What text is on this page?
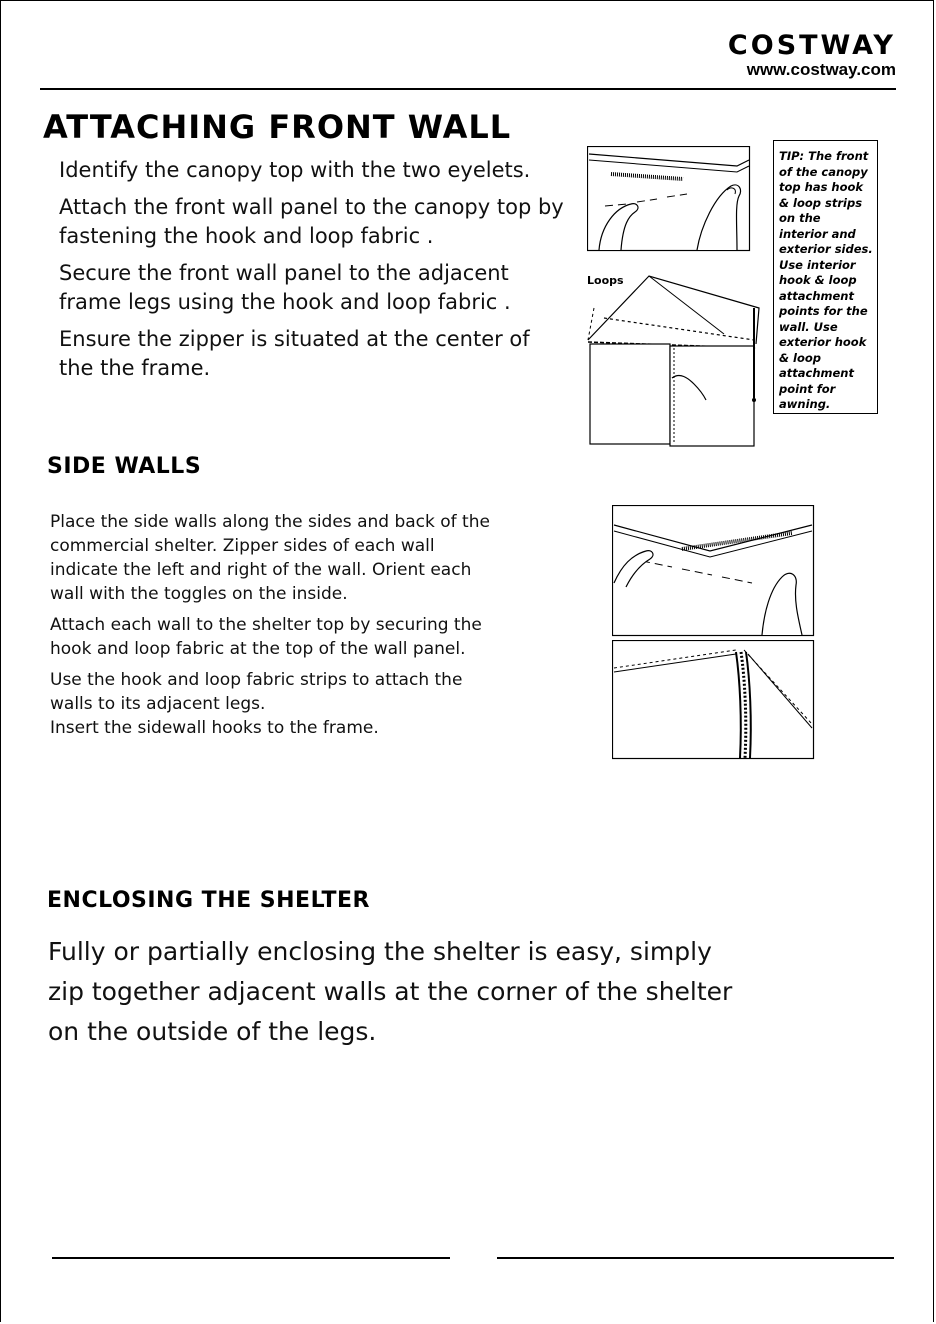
COSTWAY
www.costway.com
ATTACHING FRONT WALL

Identify the canopy top with the two eyelets.

Attach the front wall panel to the canopy top by fastening the hook and loop fabric .

Secure the front wall panel to the adjacent frame legs using the hook and loop fabric .

Ensure the zipper is situated at the center of the the frame.

Loops
TIP: The front of the canopy top has hook & loop strips on the interior and exterior sides. Use interior hook & loop attachment points for the wall. Use exterior hook & loop attachment point for awning.
SIDE WALLS

Place the side walls along the sides and back of the commercial shelter. Zipper sides of each wall indicate the left and right of the wall. Orient each wall with the toggles on the inside.

Attach each wall to the shelter top by securing the hook and loop fabric at the top of the wall panel.

Use the hook and loop fabric strips to attach the walls to its adjacent legs.

Insert the sidewall hooks to the frame.

ENCLOSING THE SHELTER
Fully or partially enclosing the shelter is easy, simply zip together adjacent walls at the corner of the shelter on the outside of the legs.
